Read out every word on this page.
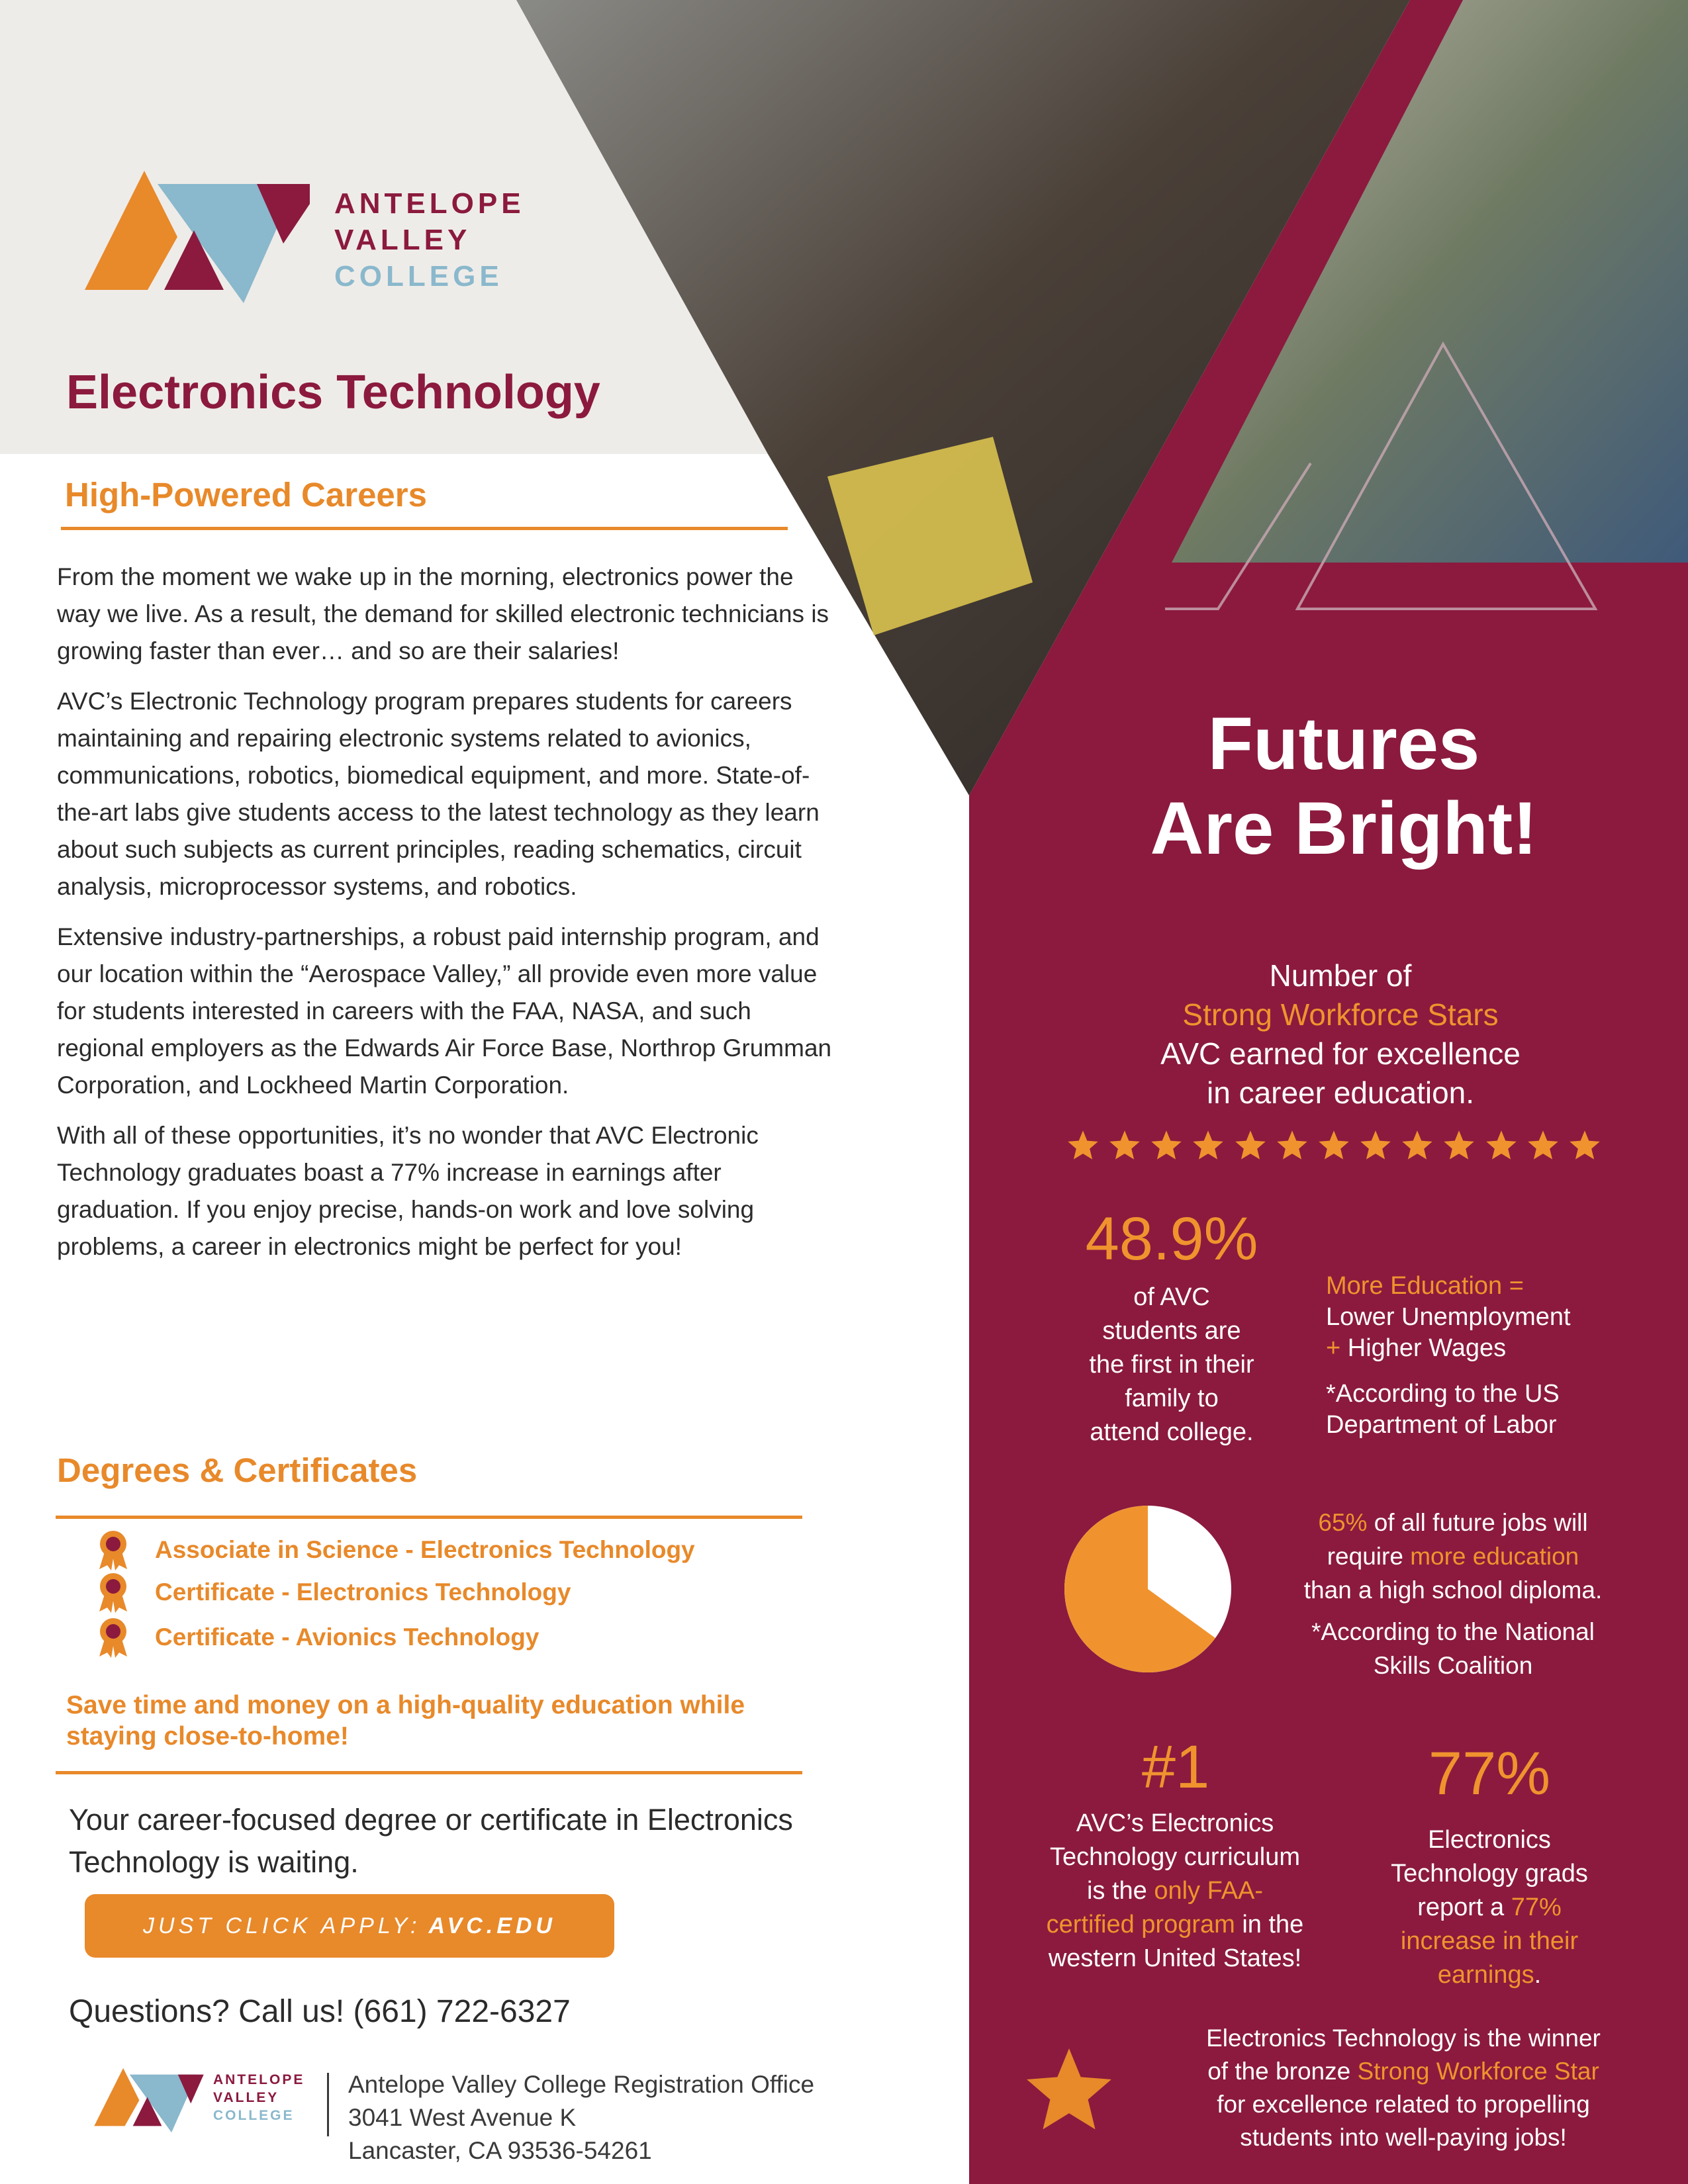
ANTELOPE
VALLEY
COLLEGE
Electronics Technology
High-Powered Careers

From the moment we wake up in the morning, electronics power the way we live. As a result, the demand for skilled electronic technicians is growing faster than ever… and so are their salaries!

AVC’s Electronic Technology program prepares students for careers maintaining and repairing electronic systems related to avionics, communications, robotics, biomedical equipment, and more. State-of-the-art labs give students access to the latest technology as they learn about such subjects as current principles, reading schematics, circuit analysis, microprocessor systems, and robotics.

Extensive industry-partnerships, a robust paid internship program, and our location within the “Aerospace Valley,” all provide even more value for students interested in careers with the FAA, NASA, and such regional employers as the Edwards Air Force Base, Northrop Grumman Corporation, and Lockheed Martin Corporation.

With all of these opportunities, it’s no wonder that AVC Electronic Technology graduates boast a 77% increase in earnings after graduation. If you enjoy precise, hands-on work and love solving problems, a career in electronics might be perfect for you!

Degrees & Certificates
Associate in Science - Electronics Technology
Certificate - Electronics Technology
Certificate - Avionics Technology
Save time and money on a high-quality education while staying close-to-home!
Your career-focused degree or certificate in Electronics Technology is waiting.
JUST CLICK APPLY: AVC.EDU
Questions? Call us! (661) 722-6327
ANTELOPE
VALLEY
COLLEGE
Antelope Valley College Registration Office
3041 West Avenue K
Lancaster, CA 93536-54261
Futures
Are Bright!
Number of
Strong Workforce Stars
AVC earned for excellence
in career education.
48.9%
of AVC
students are
the first in their
family to
attend college.
More Education =
Lower Unemployment
+ Higher Wages
*According to the US
Department of Labor
65% of all future jobs will
require more education
than a high school diploma.
*According to the National
Skills Coalition
#1
AVC’s Electronics
Technology curriculum
is the only FAA-
certified program in the
western United States!
77%
Electronics
Technology grads
report a 77%
increase in their
earnings.
Electronics Technology is the winner
of the bronze Strong Workforce Star
for excellence related to propelling
students into well-paying jobs!
